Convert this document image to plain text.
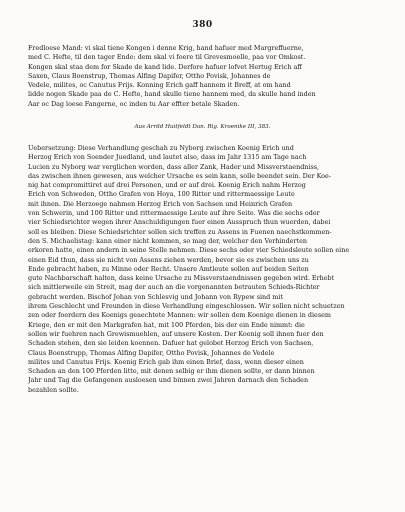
380
Fredloese Mand: vi skal tiene Kongen i denne Krig, hand hafuer med Margreffuerne,
med C. Hefte, til den tager Ende: dem skal vi foere til Grevesmoelle, paa vor Omkost.
Kongen skal staa dem for Skade de kand lide. Derfore hafuer lofvet Hertug Erich aff
Saxen, Claus Boenstrup, Thomas Alfing Dapifer, Ottho Povisk, Johannes de
Vedele, milites, oc Canutus Frijs. Konning Erich gaff hannem it Breff, at om hand
lidde nogen Skade paa de C. Hefte, hand skulle tiene hannem med, da skulle hand inden
Aar oc Dag loese Fangerne, oc inden tu Aar effter betale Skaden.
Aus Arrild Huitfeldt Dan. Rig. Kroenike III, 383.
Uebersetzung: Diese Verhandlung geschah zu Nyborg zwischen Koenig Erich und
Herzog Erich von Soender Juedland, und lautet also, dass im Jahr 1315 am Tage nach
Lucien zu Nyborg war verglichen worden, dass aller Zank, Hader und Missverstaendniss,
das zwischen ihnen gewesen, aus welcher Ursache es sein kann, solle beendet sein. Der Koe-
nig hat compromittiret auf drei Personen, und er auf drei. Koenig Erich nahm Herzog
Erich von Schweden, Ottho Grafen von Hoya, 100 Ritter und rittermaessige Leute
mit ihnen. Die Herzoege nahmen Herzog Erich von Sachsen und Heinrich Grafen
von Schwerin, und 100 Ritter und rittermaessige Leute auf ihre Seite. Was die sechs oder
vier Schiedsrichter wegen ihrer Anschuldigungen fuer einen Ausspruch thun wuerden, dabei
soll es bleiben. Diese Schiedsrichter sollen sich treffen zu Assens in Fuenen naechstkommen-
den S. Michaelistag: kann einer nicht kommen, so mag der, welcher den Verhinderten
erkoren hatte, einen andern in seine Stelle nehmen. Diese sechs oder vier Schiedsleute sollen eine
einen Eid thun, dass sie nicht von Assens ziehen werden, bevor sie es zwischen uns zu
Ende gebracht haben, zu Minne oder Recht. Unsere Amtleute sollen auf beiden Seiten
gute Nachbarschaft halten, dass keine Ursache zu Missverstaendnissen gegeben wird. Erhebt
sich mittlerweile ein Streit, mag der auch an die vorgenannten betrauten Schieds-Richter
gebracht werden. Bischof Johan von Schlesvig und Johann von Rypew sind mit
ihrem Geschlecht und Freunden in diese Verhandlung eingeschlossen. Wir sollen nicht schuetzen
zen oder foerdern des Koenigs geaechtete Mannen: wir sollen dem Koenige dienen in diesem
Kriege, den er mit den Markgrafen hat, mit 100 Pferden, bis der ein Ende nimmt: die
sollen wir fuehren nach Grewismuehlen, auf unsere Kosten. Der Koenig soll ihnen fuer den
Schaden stehen, den sie leiden koennen. Dafuer hat gelobet Herzog Erich von Sachsen,
Claus Boenstrupp, Thomas Alfing Dapifer, Ottho Povisk, Johannes de Vedele
milites und Canutus Frijs. Koenig Erich gab ihm einen Brief, dass, wenn dieser einen
Schaden an den 100 Pferden litte, mit denen selbig er ihm dienen sollte, er dann binnen
Jahr und Tag die Gefangenen ausloesen und binnen zwei Jahren darnach den Schaden
bezahlen sollte.
